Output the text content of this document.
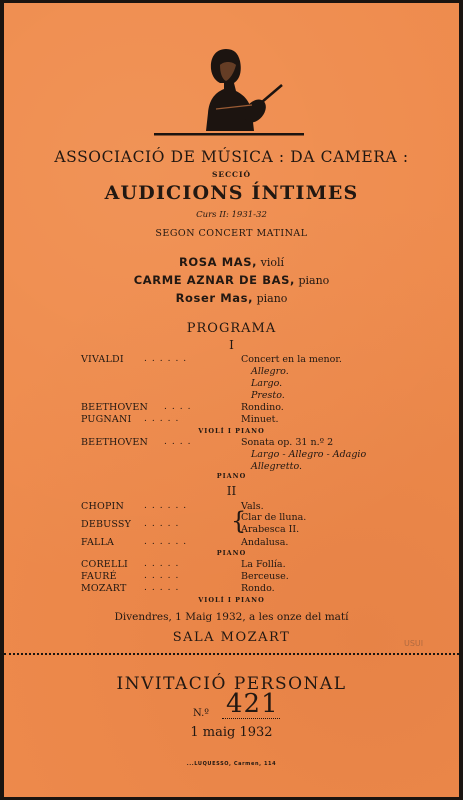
ASSOCIACIÓ DE MÚSICA : DA CAMERA :
SECCIÓ
AUDICIONS ÍNTIMES
Curs II: 1931-32
SEGON CONCERT MATINAL
ROSA MAS, violí
CARME AZNAR DE BAS, piano
Roser Mas, piano
PROGRAMA
I
VIVALDI ......	Concert en la menor.
Allegro.
Largo.
Presto.
BEETHOVEN ....	Rondino.
PUGNANI .....	Minuet.
VIOLÍ I PIANO
BEETHOVEN ....	Sonata op. 31 n.º 2
Largo - Allegro - Adagio
Allegretto.
PIANO
II
CHOPIN ......	Vals.
DEBUSSY ..... {
Clar de lluna.
Arabesca II.
FALLA	......	Andalusa.
PIANO
CORELLI .....	La Follía.
FAURÉ	.....	Berceuse.
MOZART .....	Rondo.
VIOLÍ I PIANO
Divendres, 1 Maig 1932, a les onze del matí
SALA MOZART	USUI
INVITACIÓ PERSONAL
N.º 421
1 maig 1932
...LUQUESSO, Carmen, 114
